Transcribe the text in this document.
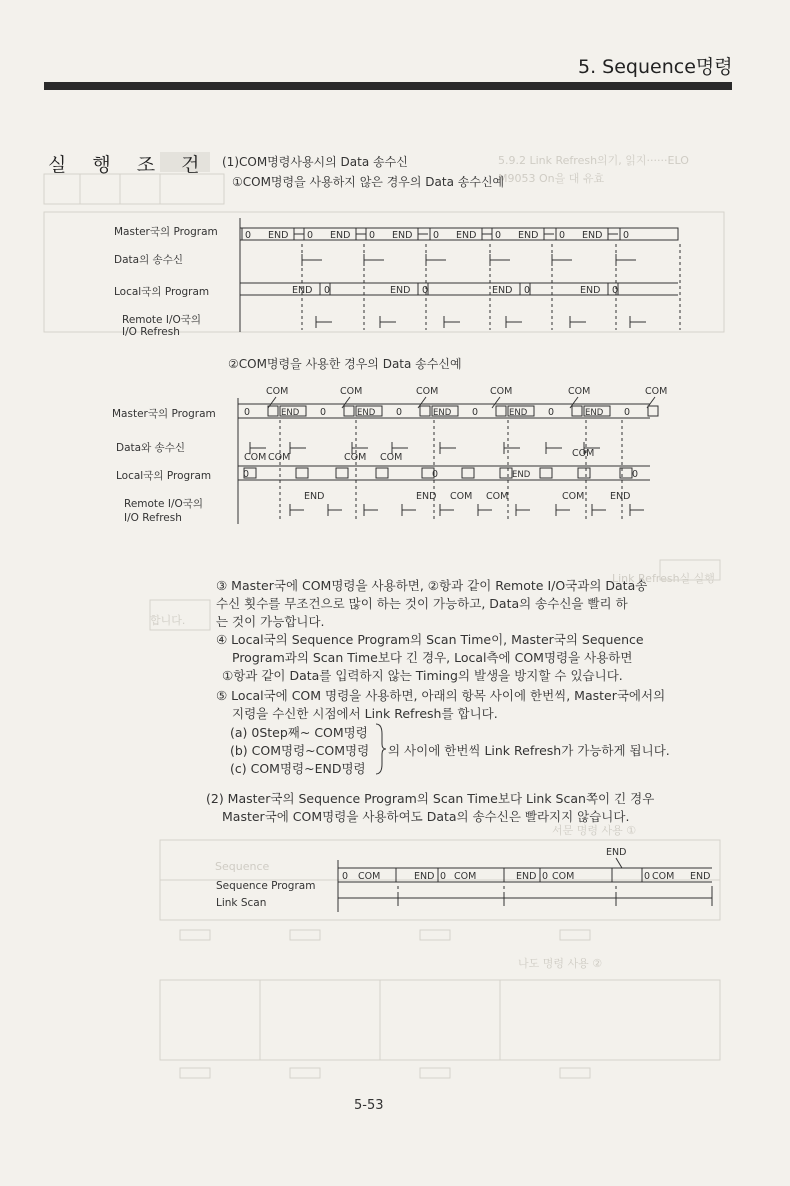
5. Sequence명령
5.9.2 Link Refresh의기, 읽지······ELO
M9053 On을 대 유효
Link Refresh실 실행
합니다.
Sequence
서문 명령 사용 ①
나도 명령 사용 ②
실 행 조 건 (1)COM명령사용시의 Data 송수신
①COM명령을 사용하지 않은 경우의 Data 송수신예
Master국의 Program
Data의 송수신
Local국의 Program
Remote I/O국의
I/O Refresh
0 END 0 END 0 END 0 END 0 END 0 END 0
END 0	END 0	END 0	END 0
②COM명령을 사용한 경우의 Data 송수신예
Master국의 Program
Data와 송수신
Local국의 Program
Remote I/O국의
I/O Refresh
COM	COM	COM	COM	COM	COM
0	END 0	END 0	END 0	END 0	END 0
COM COM	COM COM	COM
0	0	END	0
END	END COM COM	COM	END
③ Master국에 COM명령을 사용하면, ②항과 같이 Remote I/O국과의 Data송
수신 횟수를 무조건으로 많이 하는 것이 가능하고, Data의 송수신을 빨리 하
는 것이 가능합니다.
④ Local국의 Sequence Program의 Scan Time이, Master국의 Sequence
Program과의 Scan Time보다 긴 경우, Local측에 COM명령을 사용하면
①항과 같이 Data를 입력하지 않는 Timing의 발생을 방지할 수 있습니다.
⑤ Local국에 COM 명령을 사용하면, 아래의 항목 사이에 한번씩, Master국에서의
지령을 수신한 시점에서 Link Refresh를 합니다.
(a) 0Step째~ COM명령
(b) COM명령~COM명령
(c) COM명령~END명령
의 사이에 한번씩 Link Refresh가 가능하게 됩니다.
(2) Master국의 Sequence Program의 Scan Time보다 Link Scan쪽이 긴 경우
Master국에 COM명령을 사용하여도 Data의 송수신은 빨라지지 않습니다.
Sequence Program
Link Scan
END
0 COM	END 0 COM	END 0 COM	0 COM END
5-53
